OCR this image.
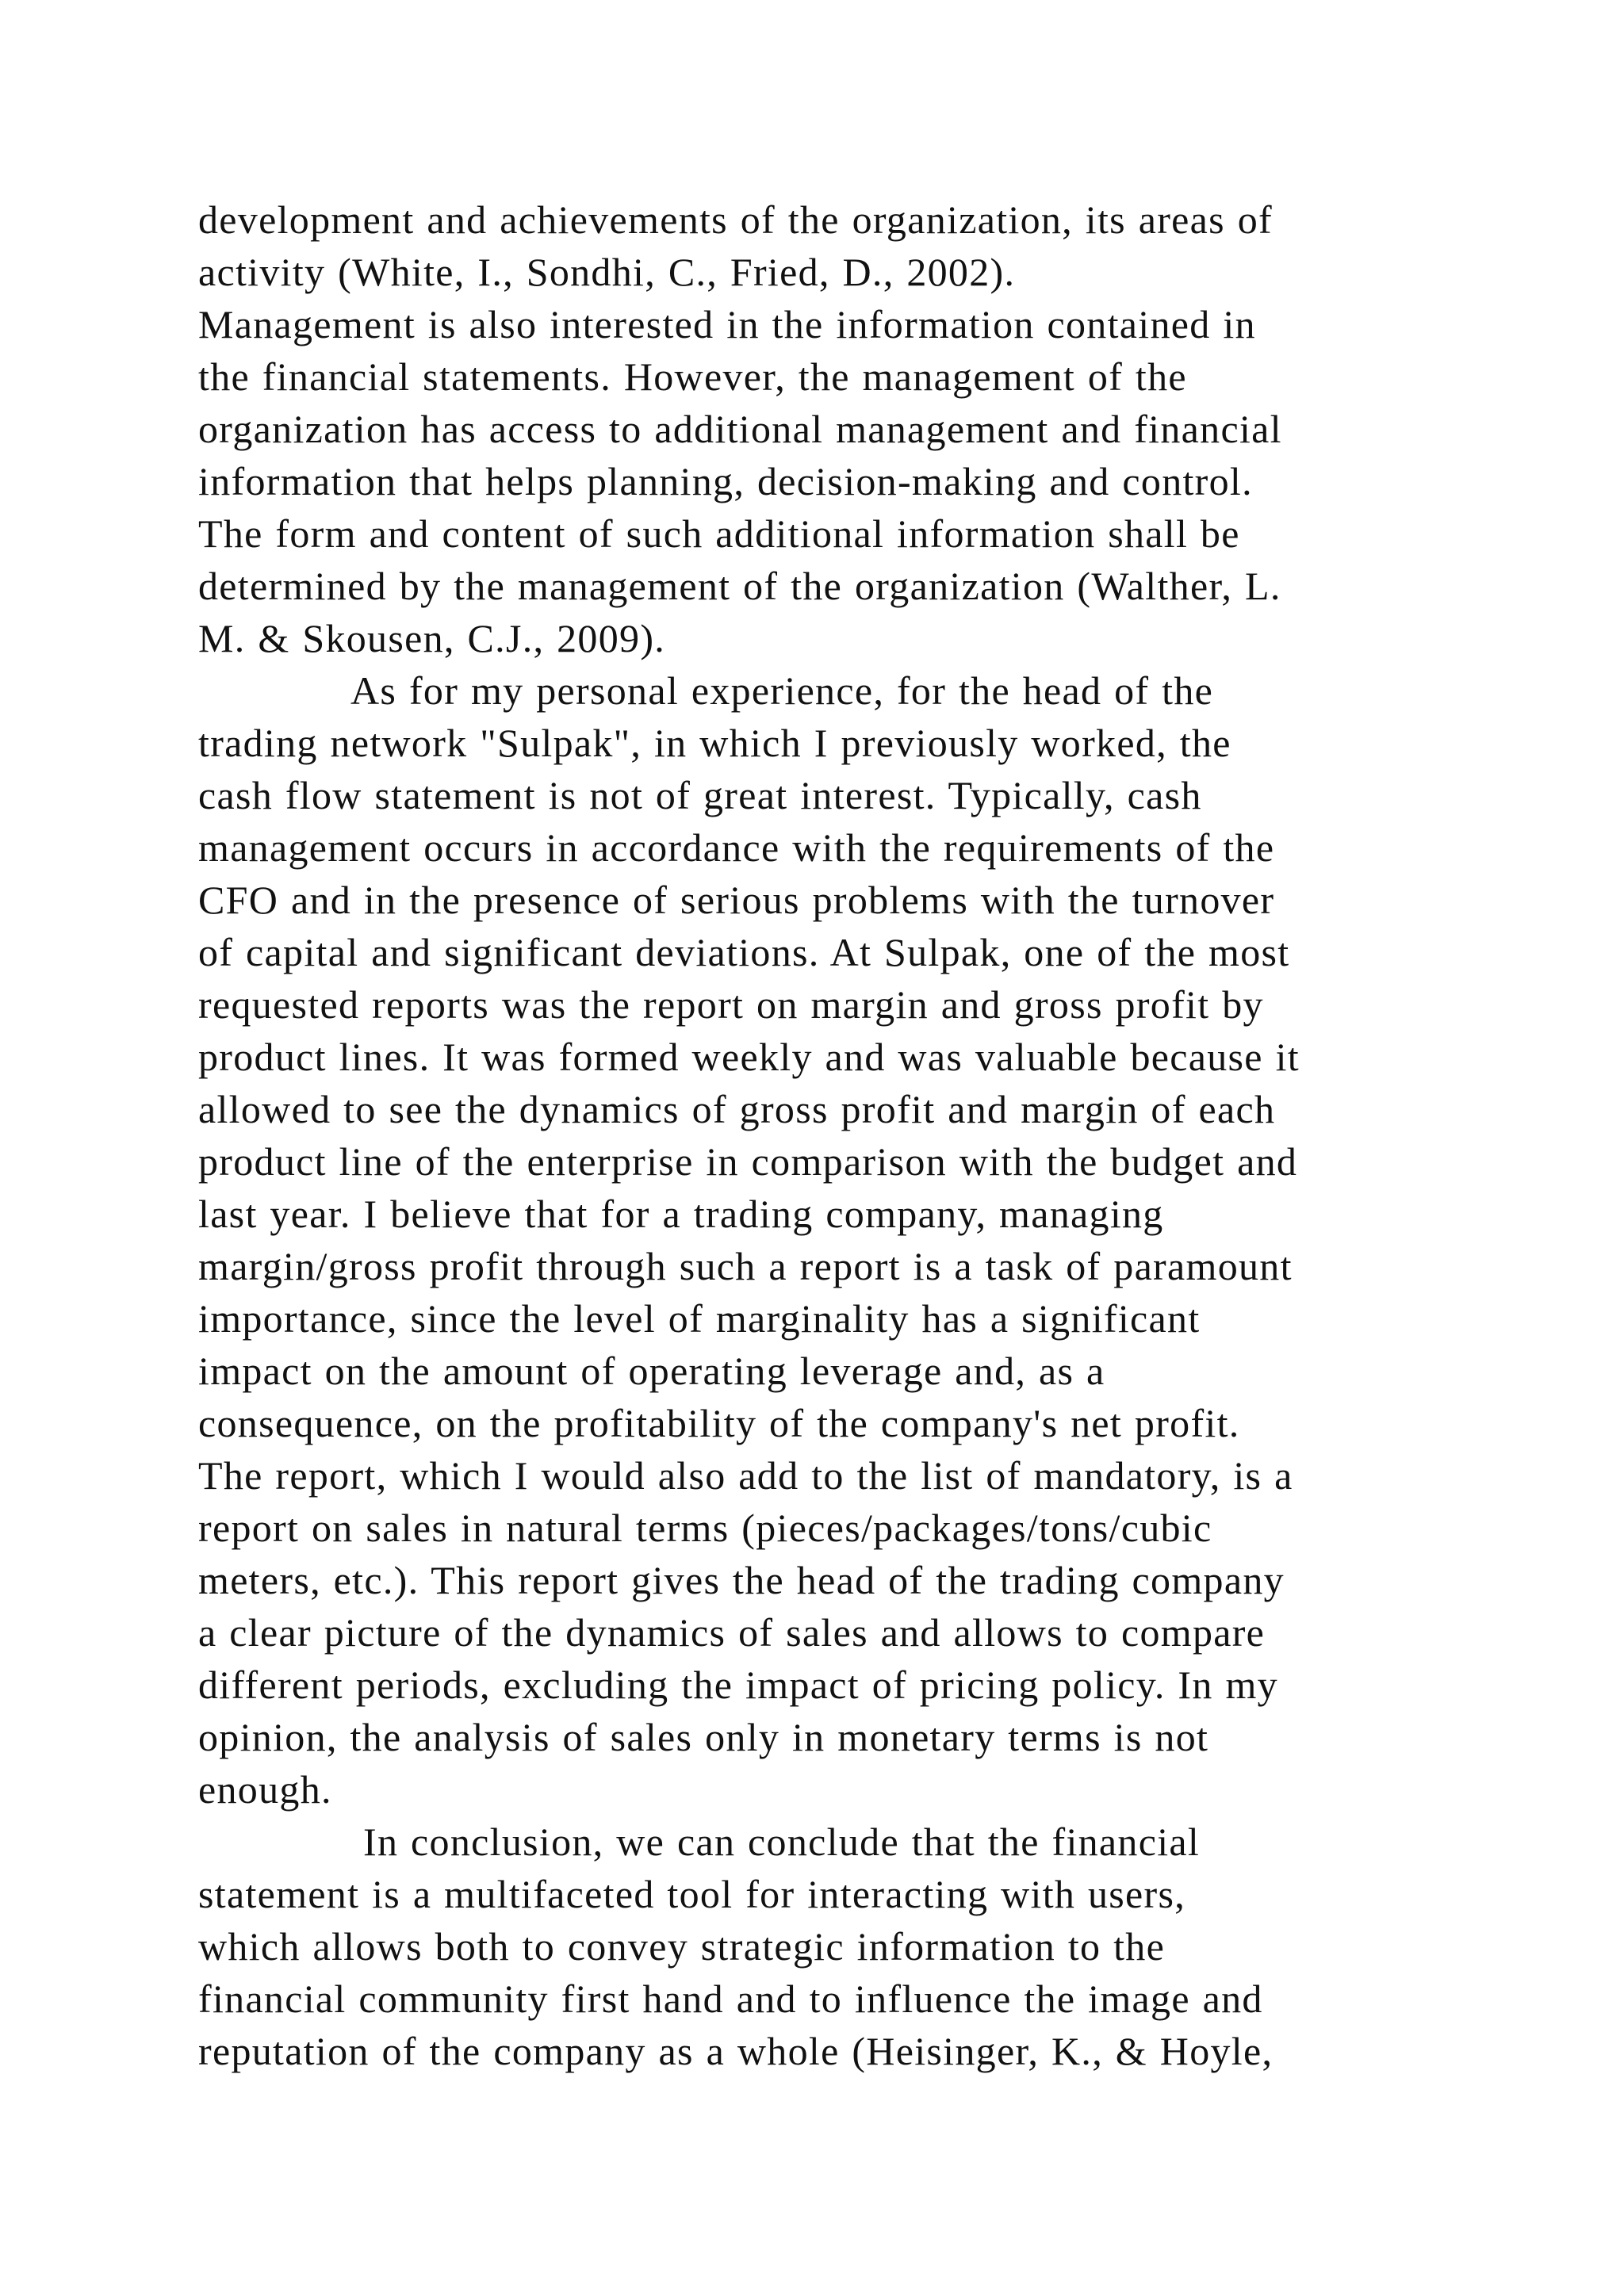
development and achievements of the organization, its areas of
activity (White, I., Sondhi, C., Fried, D., 2002).
Management is also interested in the information contained in
the financial statements. However, the management of the
organization has access to additional management and financial
information that helps planning, decision-making and control.
The form and content of such additional information shall be
determined by the management of the organization (Walther, L.
M. & Skousen, C.J., 2009).
As for my personal experience, for the head of the
trading network "Sulpak", in which I previously worked, the
cash flow statement is not of great interest. Typically, cash
management occurs in accordance with the requirements of the
CFO and in the presence of serious problems with the turnover
of capital and significant deviations. At Sulpak, one of the most
requested reports was the report on margin and gross profit by
product lines. It was formed weekly and was valuable because it
allowed to see the dynamics of gross profit and margin of each
product line of the enterprise in comparison with the budget and
last year. I believe that for a trading company, managing
margin/gross profit through such a report is a task of paramount
importance, since the level of marginality has a significant
impact on the amount of operating leverage and, as a
consequence, on the profitability of the company's net profit.
The report, which I would also add to the list of mandatory, is a
report on sales in natural terms (pieces/packages/tons/cubic
meters, etc.). This report gives the head of the trading company
a clear picture of the dynamics of sales and allows to compare
different periods, excluding the impact of pricing policy. In my
opinion, the analysis of sales only in monetary terms is not
enough.
In conclusion, we can conclude that the financial
statement is a multifaceted tool for interacting with users,
which allows both to convey strategic information to the
financial community first hand and to influence the image and
reputation of the company as a whole (Heisinger, K., & Hoyle,
